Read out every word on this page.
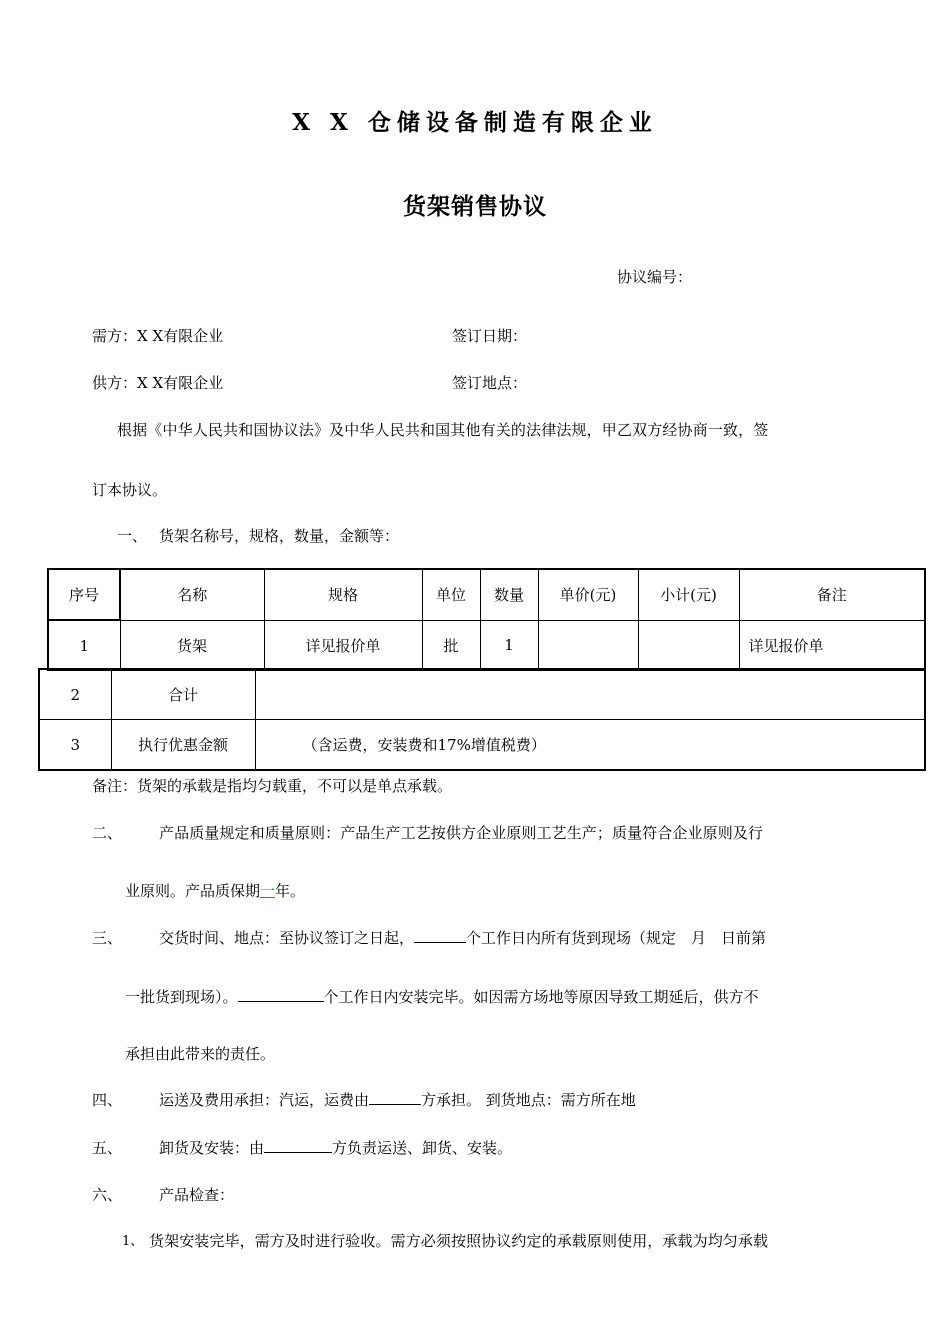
X X 仓储设备制造有限企业
货架销售协议
协议编号：
需方：X X有限企业	签订日期：
供方：X X有限企业	签订地点：
根据《中华人民共和国协议法》及中华人民共和国其他有关的法律法规，甲乙双方经协商一致，签
订本协议。
一、 货架名称号，规格，数量，金额等：
序号	名称	规格	单位	数量	单价(元)	小计(元)	备注
1	货架	详见报价单	批	1			详见报价单
2	合计	
3	执行优惠金额	（含运费，安装费和17%增值税费）
备注：货架的承载是指均匀载重，不可以是单点承载。
二、 产品质量规定和质量原则：产品生产工艺按供方企业原则工艺生产；质量符合企业原则及行
业原则。产品质保期一年。
三、 交货时间、地点：至协议签订之日起，	个工作日内所有货到现场（规定　月　日前第
一批货到现场）。	个工作日内安装完毕。如因需方场地等原因导致工期延后，供方不
承担由此带来的责任。
四、 运送及费用承担：汽运，运费由	方承担。 到货地点：需方所在地
五、 卸货及安装：由	方负责运送、卸货、安装。
六、 产品检查：
1、 货架安装完毕，需方及时进行验收。需方必须按照协议约定的承载原则使用，承载为均匀承载
